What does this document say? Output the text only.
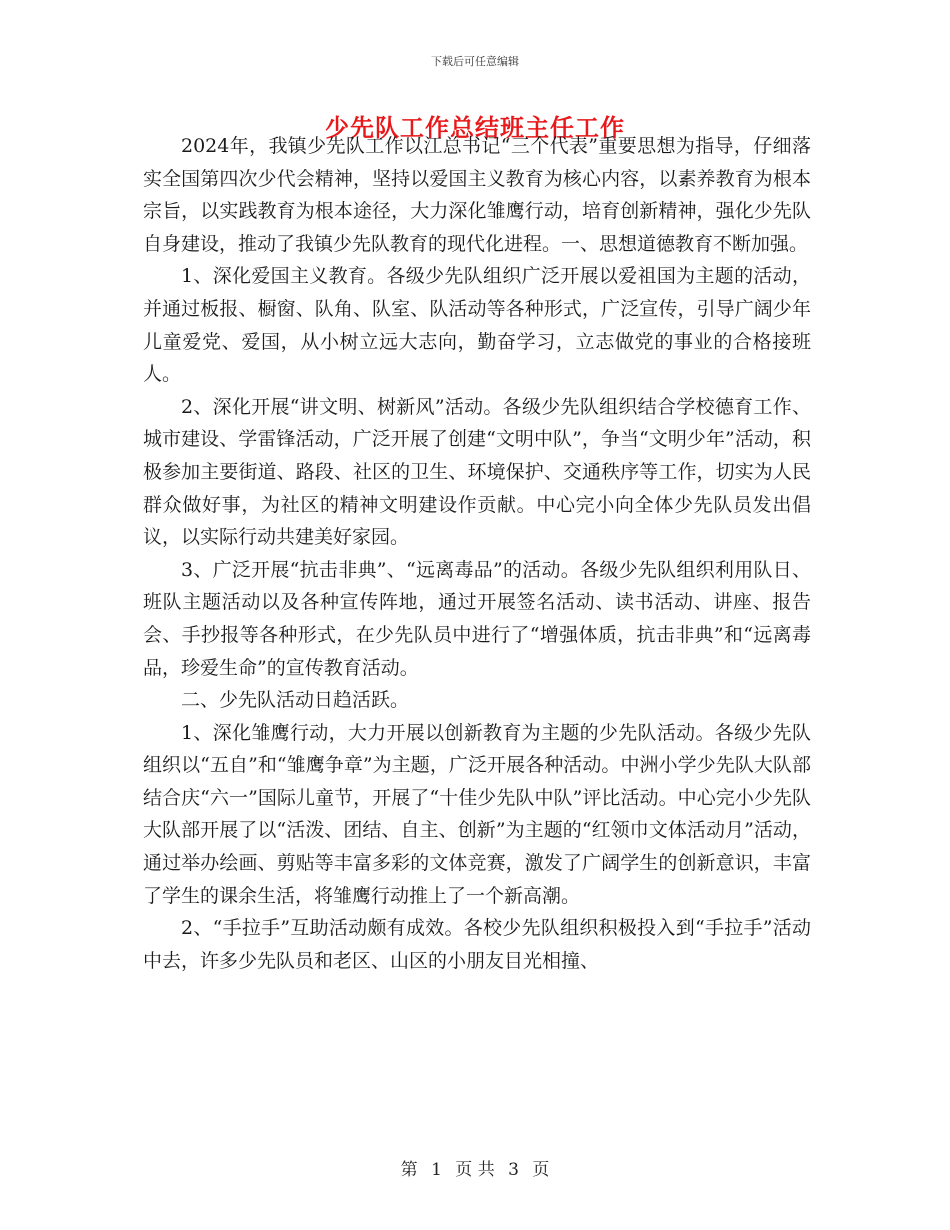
下载后可任意编辑
少先队工作总结班主任工作

2024年，我镇少先队工作以江总书记“三个代表”重要思想为指导，仔细落实全国第四次少代会精神，坚持以爱国主义教育为核心内容，以素养教育为根本宗旨，以实践教育为根本途径，大力深化雏鹰行动，培育创新精神，强化少先队自身建设，推动了我镇少先队教育的现代化进程。一、思想道德教育不断加强。

1、深化爱国主义教育。各级少先队组织广泛开展以爱祖国为主题的活动，并通过板报、橱窗、队角、队室、队活动等各种形式，广泛宣传，引导广阔少年儿童爱党、爱国，从小树立远大志向，勤奋学习，立志做党的事业的合格接班人。

2、深化开展“讲文明、树新风”活动。各级少先队组织结合学校德育工作、城市建设、学雷锋活动，广泛开展了创建“文明中队”，争当“文明少年”活动，积极参加主要街道、路段、社区的卫生、环境保护、交通秩序等工作，切实为人民群众做好事，为社区的精神文明建设作贡献。中心完小向全体少先队员发出倡议，以实际行动共建美好家园。

3、广泛开展“抗击非典”、“远离毒品”的活动。各级少先队组织利用队日、班队主题活动以及各种宣传阵地，通过开展签名活动、读书活动、讲座、报告会、手抄报等各种形式，在少先队员中进行了“增强体质，抗击非典”和“远离毒品，珍爱生命”的宣传教育活动。

二、少先队活动日趋活跃。

1、深化雏鹰行动，大力开展以创新教育为主题的少先队活动。各级少先队组织以“五自”和“雏鹰争章”为主题，广泛开展各种活动。中洲小学少先队大队部结合庆“六一”国际儿童节，开展了“十佳少先队中队”评比活动。中心完小少先队大队部开展了以“活泼、团结、自主、创新”为主题的“红领巾文体活动月”活动，通过举办绘画、剪贴等丰富多彩的文体竞赛，激发了广阔学生的创新意识，丰富了学生的课余生活，将雏鹰行动推上了一个新高潮。

2、“手拉手”互助活动颇有成效。各校少先队组织积极投入到“手拉手”活动中去，许多少先队员和老区、山区的小朋友目光相撞、

第 1 页 共 3 页
